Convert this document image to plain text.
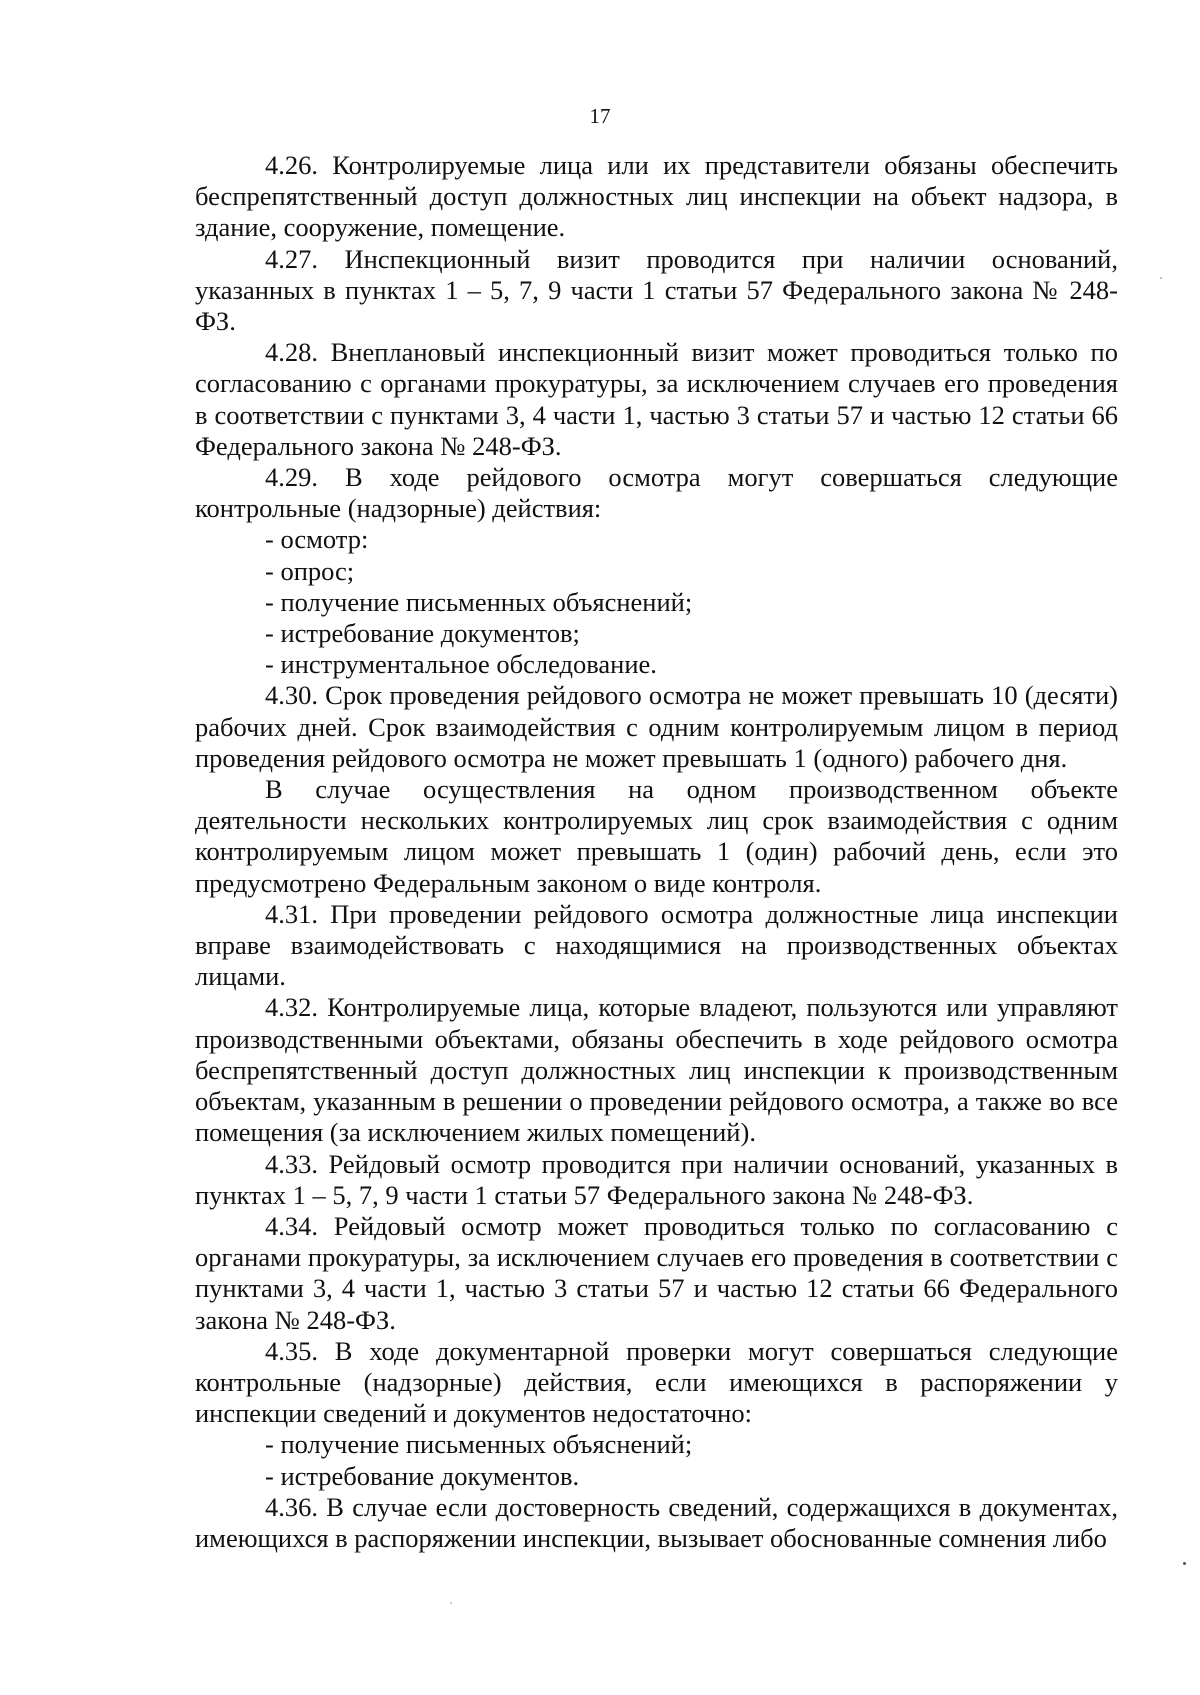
17

4.26. Контролируемые лица или их представители обязаны обеспечить беспрепятственный доступ должностных лиц инспекции на объект надзора, в здание, сооружение, помещение.

4.27. Инспекционный визит проводится при наличии оснований, указанных в пунктах 1 – 5, 7, 9 части 1 статьи 57 Федерального закона № 248-ФЗ.

4.28. Внеплановый инспекционный визит может проводиться только по согласованию с органами прокуратуры, за исключением случаев его проведения в соответствии с пунктами 3, 4 части 1, частью 3 статьи 57 и частью 12 статьи 66 Федерального закона № 248-ФЗ.

4.29. В ходе рейдового осмотра могут совершаться следующие контрольные (надзорные) действия:

- осмотр:

- опрос;

- получение письменных объяснений;

- истребование документов;

- инструментальное обследование.

4.30. Срок проведения рейдового осмотра не может превышать 10 (десяти) рабочих дней. Срок взаимодействия с одним контролируемым лицом в период проведения рейдового осмотра не может превышать 1 (одного) рабочего дня.

В случае осуществления на одном производственном объекте деятельности нескольких контролируемых лиц срок взаимодействия с одним контролируемым лицом может превышать 1 (один) рабочий день, если это предусмотрено Федеральным законом о виде контроля.

4.31. При проведении рейдового осмотра должностные лица инспекции вправе взаимодействовать с находящимися на производственных объектах лицами.

4.32. Контролируемые лица, которые владеют, пользуются или управляют производственными объектами, обязаны обеспечить в ходе рейдового осмотра беспрепятственный доступ должностных лиц инспекции к производственным объектам, указанным в решении о проведении рейдового осмотра, а также во все помещения (за исключением жилых помещений).

4.33. Рейдовый осмотр проводится при наличии оснований, указанных в пунктах 1 – 5, 7, 9 части 1 статьи 57 Федерального закона № 248-ФЗ.

4.34. Рейдовый осмотр может проводиться только по согласованию с органами прокуратуры, за исключением случаев его проведения в соответствии с пунктами 3, 4 части 1, частью 3 статьи 57 и частью 12 статьи 66 Федерального закона № 248-ФЗ.

4.35. В ходе документарной проверки могут совершаться следующие контрольные (надзорные) действия, если имеющихся в распоряжении у инспекции сведений и документов недостаточно:

- получение письменных объяснений;

- истребование документов.

4.36. В случае если достоверность сведений, содержащихся в документах, имеющихся в распоряжении инспекции, вызывает обоснованные сомнения либо
